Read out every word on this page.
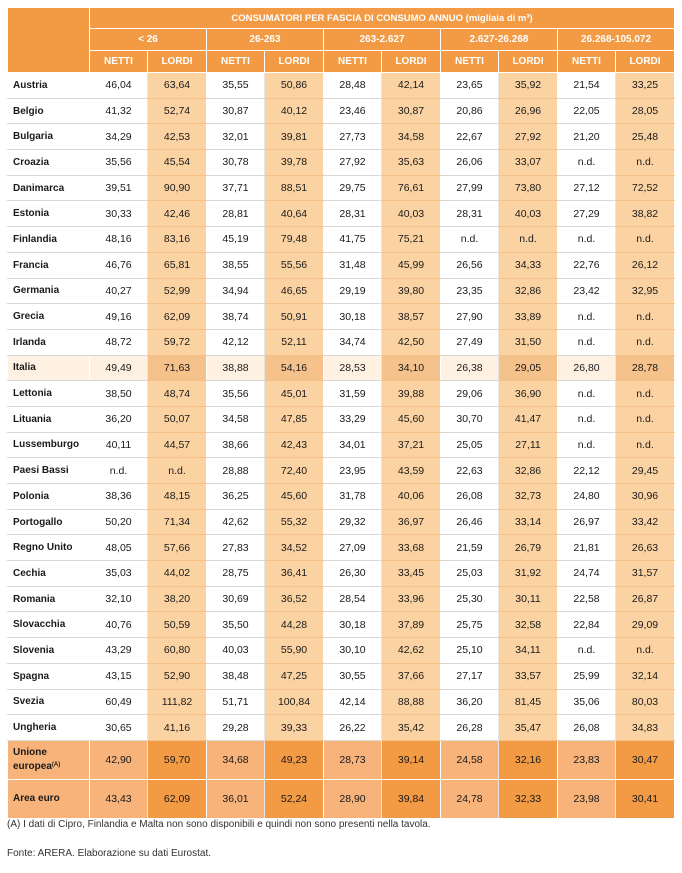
	CONSUMATORI PER FASCIA DI CONSUMO ANNUO (migliaia di m³)									
	< 26		26-263		263-2.627		2.627-26.268		26.268-105.072	
	NETTI	LORDI	NETTI	LORDI	NETTI	LORDI	NETTI	LORDI	NETTI	LORDI
Austria	46,04	63,64	35,55	50,86	28,48	42,14	23,65	35,92	21,54	33,25
Belgio	41,32	52,74	30,87	40,12	23,46	30,87	20,86	26,96	22,05	28,05
Bulgaria	34,29	42,53	32,01	39,81	27,73	34,58	22,67	27,92	21,20	25,48
Croazia	35,56	45,54	30,78	39,78	27,92	35,63	26,06	33,07	n.d.	n.d.
Danimarca	39,51	90,90	37,71	88,51	29,75	76,61	27,99	73,80	27,12	72,52
Estonia	30,33	42,46	28,81	40,64	28,31	40,03	28,31	40,03	27,29	38,82
Finlandia	48,16	83,16	45,19	79,48	41,75	75,21	n.d.	n.d.	n.d.	n.d.
Francia	46,76	65,81	38,55	55,56	31,48	45,99	26,56	34,33	22,76	26,12
Germania	40,27	52,99	34,94	46,65	29,19	39,80	23,35	32,86	23,42	32,95
Grecia	49,16	62,09	38,74	50,91	30,18	38,57	27,90	33,89	n.d.	n.d.
Irlanda	48,72	59,72	42,12	52,11	34,74	42,50	27,49	31,50	n.d.	n.d.
Italia	49,49	71,63	38,88	54,16	28,53	34,10	26,38	29,05	26,80	28,78
Lettonia	38,50	48,74	35,56	45,01	31,59	39,88	29,06	36,90	n.d.	n.d.
Lituania	36,20	50,07	34,58	47,85	33,29	45,60	30,70	41,47	n.d.	n.d.
Lussemburgo	40,11	44,57	38,66	42,43	34,01	37,21	25,05	27,11	n.d.	n.d.
Paesi Bassi	n.d.	n.d.	28,88	72,40	23,95	43,59	22,63	32,86	22,12	29,45
Polonia	38,36	48,15	36,25	45,60	31,78	40,06	26,08	32,73	24,80	30,96
Portogallo	50,20	71,34	42,62	55,32	29,32	36,97	26,46	33,14	26,97	33,42
Regno Unito	48,05	57,66	27,83	34,52	27,09	33,68	21,59	26,79	21,81	26,63
Cechia	35,03	44,02	28,75	36,41	26,30	33,45	25,03	31,92	24,74	31,57
Romania	32,10	38,20	30,69	36,52	28,54	33,96	25,30	30,11	22,58	26,87
Slovacchia	40,76	50,59	35,50	44,28	30,18	37,89	25,75	32,58	22,84	29,09
Slovenia	43,29	60,80	40,03	55,90	30,10	42,62	25,10	34,11	n.d.	n.d.
Spagna	43,15	52,90	38,48	47,25	30,55	37,66	27,17	33,57	25,99	32,14
Svezia	60,49	111,82	51,71	100,84	42,14	88,88	36,20	81,45	35,06	80,03
Ungheria	30,65	41,16	29,28	39,33	26,22	35,42	26,28	35,47	26,08	34,83
Unione europea$^{(A)}$	42,90	59,70	34,68	49,23	28,73	39,14	24,58	32,16	23,83	30,47
Area euro	43,43	62,09	36,01	52,24	28,90	39,84	24,78	32,33	23,98	30,41
(A) I dati di Cipro, Finlandia e Malta non sono disponibili e quindi non sono presenti nella tavola.
Fonte: ARERA. Elaborazione su dati Eurostat.
